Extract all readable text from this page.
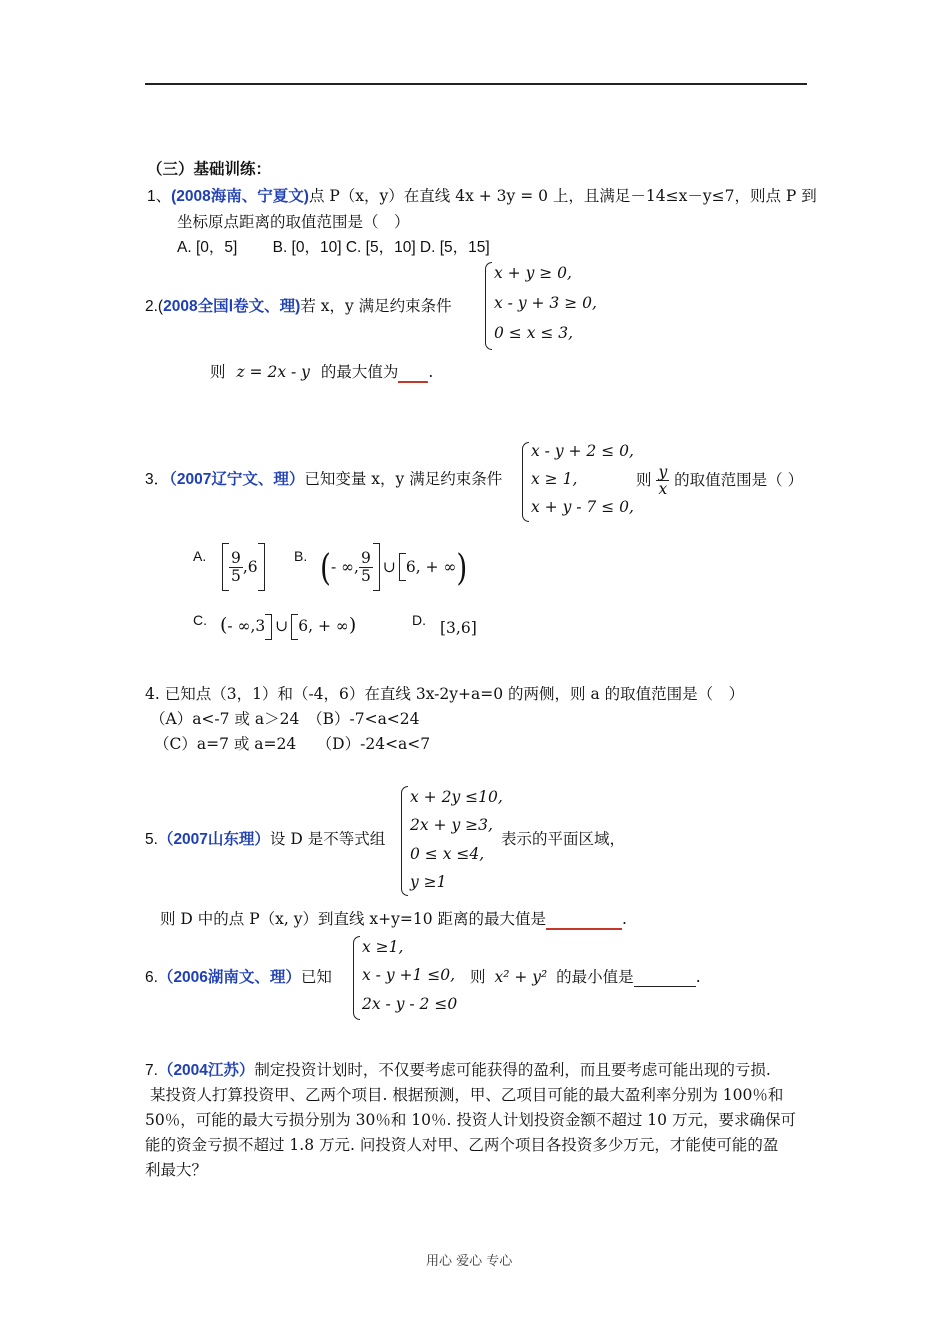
（三）基础训练：
1、(2008海南、宁夏文)点 P（x，y）在直线 4x + 3y = 0 上，且满足－14≤x－y≤7，则点 P 到
坐标原点距离的取值范围是（　）
A. [0，5]　　 B. [0，10] C. [5，10] D. [5，15]
2.(2008全国Ⅰ卷文、理)若 x，y 满足约束条件
x + y ≥ 0,
x - y + 3 ≥ 0,
0 ≤ x ≤ 3,
则 z = 2x - y 的最大值为 .
3．（2007辽宁文、理）已知变量 x，y 满足约束条件
x - y + 2 ≤ 0,
x ≥ 1,
x + y - 7 ≤ 0,
则 $\frac{y}{x}$ 的取值范围是（ ）
A. $\frac{9}{5} ,6$
B. (- ∞, $\frac{9}{5}$ ∪ 6, + ∞)
C. (- ∞,3 ∪ 6, + ∞)	D. [3,6]
4. 已知点（3，1）和（-4，6）在直线 3x-2y+a=0 的两侧，则 a 的取值范围是（　）
（A）a<-7 或 a＞24　（B）-7<a<24
（C）a=7 或 a=24　 （D）-24<a<7
5.（2007山东理）设 D 是不等式组
x + 2y ≤10,
2x + y ≥3,
0 ≤ x ≤4,
y ≥1
表示的平面区域，
则 D 中的点 P（x, y）到直线 x+y=10 距离的最大值是	.
6.（2006湖南文、理）已知
x ≥1,
x - y +1 ≤0,
2x - y - 2 ≤0
则 x² + y² 的最小值是	.
7.（2004江苏）制定投资计划时，不仅要考虑可能获得的盈利，而且要考虑可能出现的亏损.
某投资人打算投资甲、乙两个项目. 根据预测，甲、乙项目可能的最大盈利率分别为 100％和
50％，可能的最大亏损分别为 30％和 10％. 投资人计划投资金额不超过 10 万元，要求确保可
能的资金亏损不超过 1.8 万元. 问投资人对甲、乙两个项目各投资多少万元，才能使可能的盈
利最大？
用心 爱心 专心
